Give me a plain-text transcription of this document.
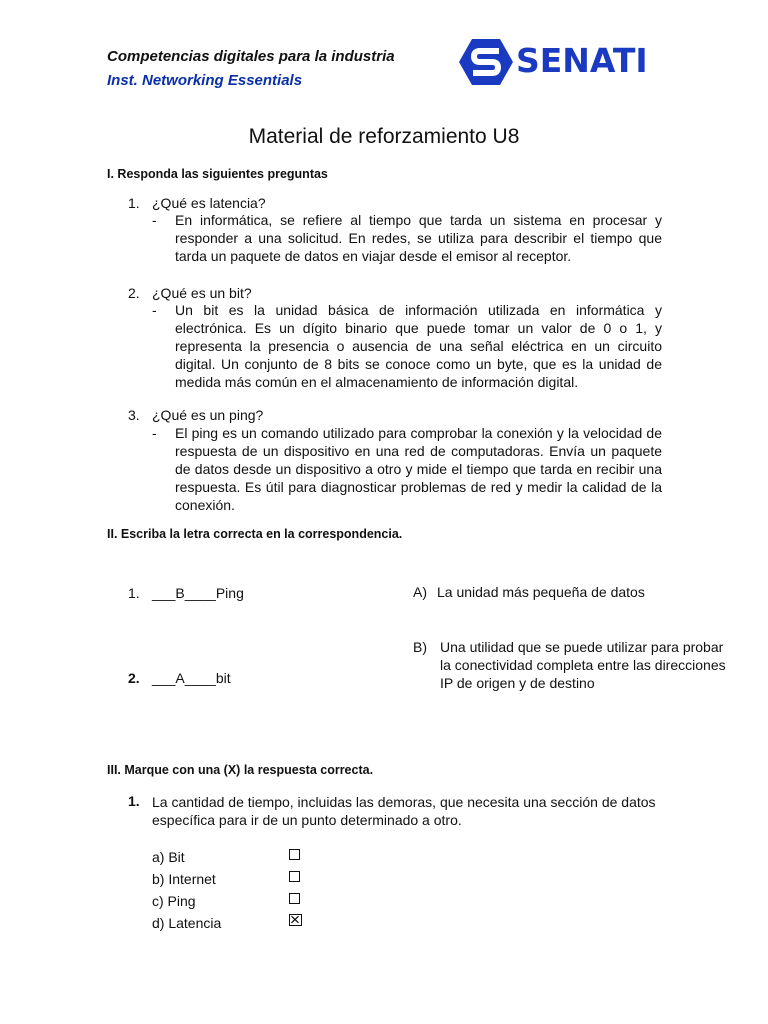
Competencias digitales para la industria
Inst. Networking Essentials
SENATI
Material de reforzamiento U8
I. Responda las siguientes preguntas
1. ¿Qué es latencia?
- En informática, se refiere al tiempo que tarda un sistema en procesar y responder a una solicitud. En redes, se utiliza para describir el tiempo que tarda un paquete de datos en viajar desde el emisor al receptor.
2. ¿Qué es un bit?
- Un bit es la unidad básica de información utilizada en informática y electrónica. Es un dígito binario que puede tomar un valor de 0 o 1, y representa la presencia o ausencia de una señal eléctrica en un circuito digital. Un conjunto de 8 bits se conoce como un byte, que es la unidad de medida más común en el almacenamiento de información digital.
3. ¿Qué es un ping?
- El ping es un comando utilizado para comprobar la conexión y la velocidad de respuesta de un dispositivo en una red de computadoras. Envía un paquete de datos desde un dispositivo a otro y mide el tiempo que tarda en recibir una respuesta. Es útil para diagnosticar problemas de red y medir la calidad de la conexión.
II. Escriba la letra correcta en la correspondencia.
1. ___B____Ping
2. ___A____bit
A) La unidad más pequeña de datos
B) Una utilidad que se puede utilizar para probar la conectividad completa entre las direcciones IP de origen y de destino
III. Marque con una (X) la respuesta correcta.
1. La cantidad de tiempo, incluidas las demoras, que necesita una sección de datos específica para ir de un punto determinado a otro.
a) Bit
b) Internet
c) Ping
d) Latencia
